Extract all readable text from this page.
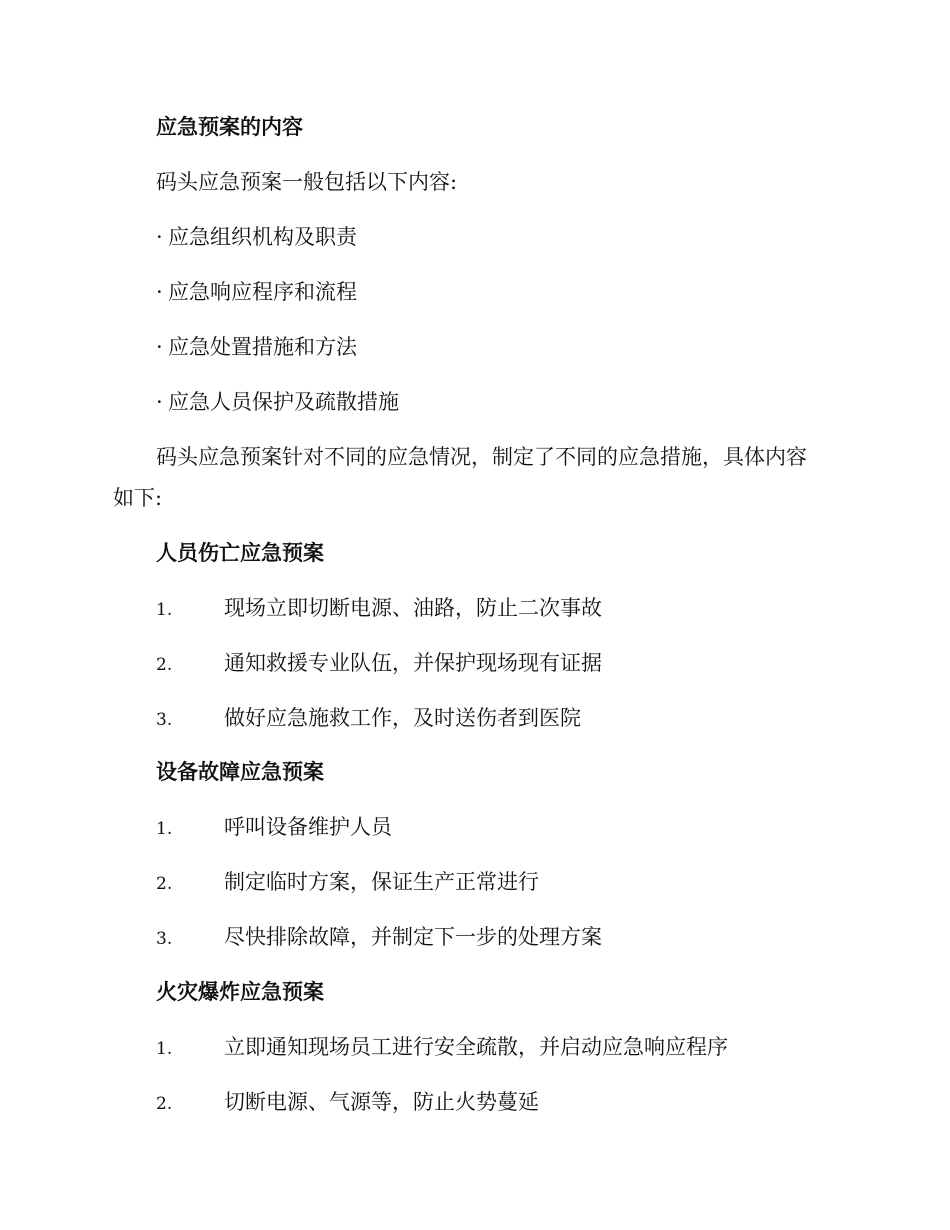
应急预案的内容
码头应急预案一般包括以下内容:
· 应急组织机构及职责
· 应急响应程序和流程
· 应急处置措施和方法
· 应急人员保护及疏散措施
码头应急预案针对不同的应急情况，制定了不同的应急措施，具体内容
如下:
人员伤亡应急预案
1. 现场立即切断电源、油路，防止二次事故
2. 通知救援专业队伍，并保护现场现有证据
3. 做好应急施救工作，及时送伤者到医院
设备故障应急预案
1. 呼叫设备维护人员
2. 制定临时方案，保证生产正常进行
3. 尽快排除故障，并制定下一步的处理方案
火灾爆炸应急预案
1. 立即通知现场员工进行安全疏散，并启动应急响应程序
2. 切断电源、气源等，防止火势蔓延
